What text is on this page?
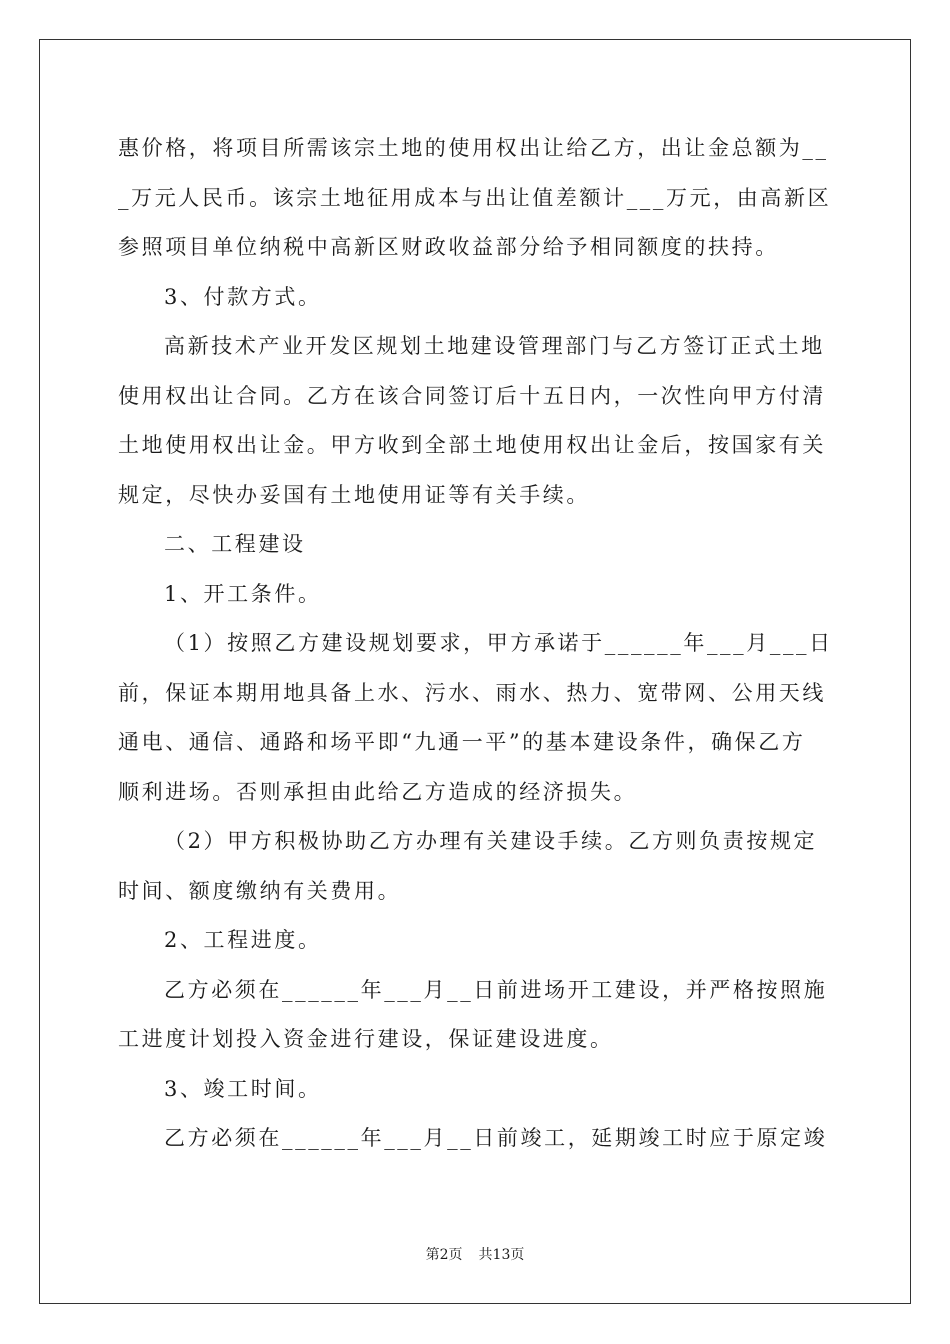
惠价格，将项目所需该宗土地的使用权出让给乙方，出让金总额为__
_万元人民币。该宗土地征用成本与出让值差额计___万元，由高新区
参照项目单位纳税中高新区财政收益部分给予相同额度的扶持。
3、付款方式。
高新技术产业开发区规划土地建设管理部门与乙方签订正式土地
使用权出让合同。乙方在该合同签订后十五日内，一次性向甲方付清
土地使用权出让金。甲方收到全部土地使用权出让金后，按国家有关
规定，尽快办妥国有土地使用证等有关手续。
二、工程建设
1、开工条件。
（1）按照乙方建设规划要求，甲方承诺于______年___月___日
前，保证本期用地具备上水、污水、雨水、热力、宽带网、公用天线
通电、通信、通路和场平即“九通一平”的基本建设条件，确保乙方
顺利进场。否则承担由此给乙方造成的经济损失。
（2）甲方积极协助乙方办理有关建设手续。乙方则负责按规定
时间、额度缴纳有关费用。
2、工程进度。
乙方必须在______年___月__日前进场开工建设，并严格按照施
工进度计划投入资金进行建设，保证建设进度。
3、竣工时间。
乙方必须在______年___月__日前竣工，延期竣工时应于原定竣
第2页 共13页
